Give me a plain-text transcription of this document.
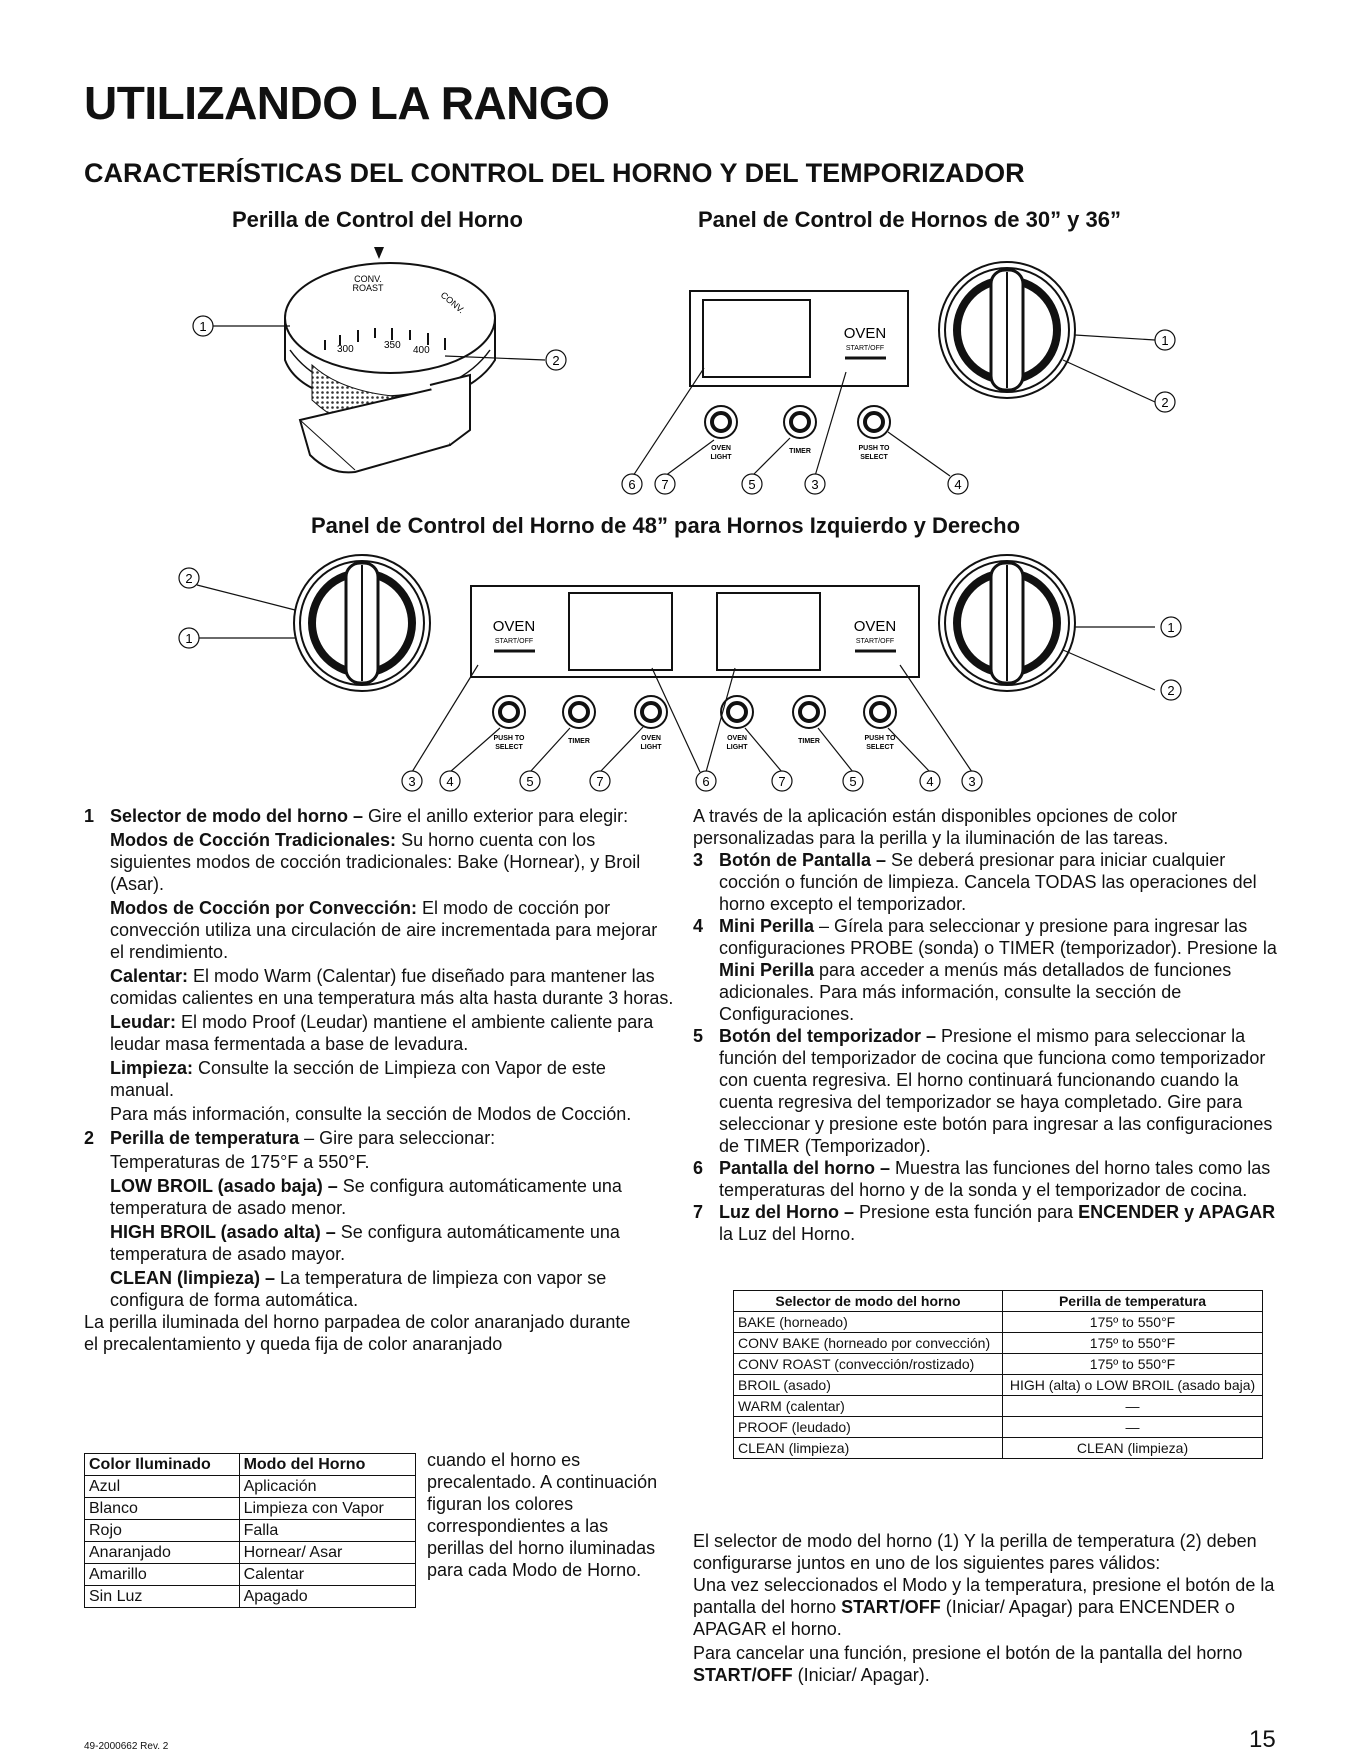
UTILIZANDO LA RANGO
CARACTERÍSTICAS DEL CONTROL DEL HORNO Y DEL TEMPORIZADOR
Perilla de Control del Horno	Panel de Control de Hornos de 30” y 36”
Panel de Control del Horno de 48” para Hornos Izquierdo y Derecho
CONV.
ROAST
CONV.
300	350 400
1
2
OVEN
START/OFF
OVEN
LIGHT
TIMER	PUSH TO
SELECT
1
2
6 7	5	3	4
OVEN
START/OFF
OVEN
START/OFF
PUSH TO
SELECT
TIMER	OVEN
LIGHT
OVEN
LIGHT
TIMER	PUSH TO
SELECT
2
1
1
2
3 4	5	7	6	7	5	4	3
1 Selector de modo del horno – Gire el anillo exterior para elegir:

Modos de Cocción Tradicionales: Su horno cuenta con los siguientes modos de cocción tradicionales: Bake (Hornear), y Broil (Asar).

Modos de Cocción por Convección: El modo de cocción por convección utiliza una circulación de aire incrementada para mejorar el rendimiento.

Calentar: El modo Warm (Calentar) fue diseñado para mantener las comidas calientes en una temperatura más alta hasta durante 3 horas.

Leudar: El modo Proof (Leudar) mantiene el ambiente caliente para leudar masa fermentada a base de levadura.

Limpieza: Consulte la sección de Limpieza con Vapor de este manual.

Para más información, consulte la sección de Modos de Cocción.

2 Perilla de temperatura – Gire para seleccionar:

Temperaturas de 175°F a 550°F.

LOW BROIL (asado baja) – Se configura automáticamente una temperatura de asado menor.

HIGH BROIL (asado alta) – Se configura automáticamente una temperatura de asado mayor.

CLEAN (limpieza) – La temperatura de limpieza con vapor se configura de forma automática.

La perilla iluminada del horno parpadea de color anaranjado durante el precalentamiento y queda fija de color anaranjado

Color Iluminado	Modo del Horno
Azul	Aplicación
Blanco	Limpieza con Vapor
Rojo	Falla
Anaranjado	Hornear/ Asar
Amarillo	Calentar
Sin Luz	Apagado

cuando el horno es precalentado. A continuación figuran los colores correspondientes a las perillas del horno iluminadas para cada Modo de Horno.

A través de la aplicación están disponibles opciones de color personalizadas para la perilla y la iluminación de las tareas.

3 Botón de Pantalla – Se deberá presionar para iniciar cualquier cocción o función de limpieza. Cancela TODAS las operaciones del horno excepto el temporizador.

4 Mini Perilla – Gírela para seleccionar y presione para ingresar las configuraciones PROBE (sonda) o TIMER (temporizador). Presione la Mini Perilla para acceder a menús más detallados de funciones adicionales. Para más información, consulte la sección de Configuraciones.

5 Botón del temporizador – Presione el mismo para seleccionar la función del temporizador de cocina que funciona como temporizador con cuenta regresiva. El horno continuará funcionando cuando la cuenta regresiva del temporizador se haya completado. Gire para seleccionar y presione este botón para ingresar a las configuraciones de TIMER (Temporizador).

6 Pantalla del horno – Muestra las funciones del horno tales como las temperaturas del horno y de la sonda y el temporizador de cocina.

7 Luz del Horno – Presione esta función para ENCENDER y APAGAR la Luz del Horno.

Selector de modo del horno	Perilla de temperatura
BAKE (horneado)	175º to 550°F
CONV BAKE (horneado por convección)	175º to 550°F
CONV ROAST (convección/rostizado)	175º to 550°F
BROIL (asado)	HIGH (alta) o LOW BROIL (asado baja)
WARM (calentar)	—
PROOF (leudado)	—
CLEAN (limpieza)	CLEAN (limpieza)

El selector de modo del horno (1) Y la perilla de temperatura (2) deben configurarse juntos en uno de los siguientes pares válidos:

Una vez seleccionados el Modo y la temperatura, presione el botón de la pantalla del horno START/OFF (Iniciar/ Apagar) para ENCENDER o APAGAR el horno.

Para cancelar una función, presione el botón de la pantalla del horno START/OFF (Iniciar/ Apagar).

49-2000662 Rev. 2	15
